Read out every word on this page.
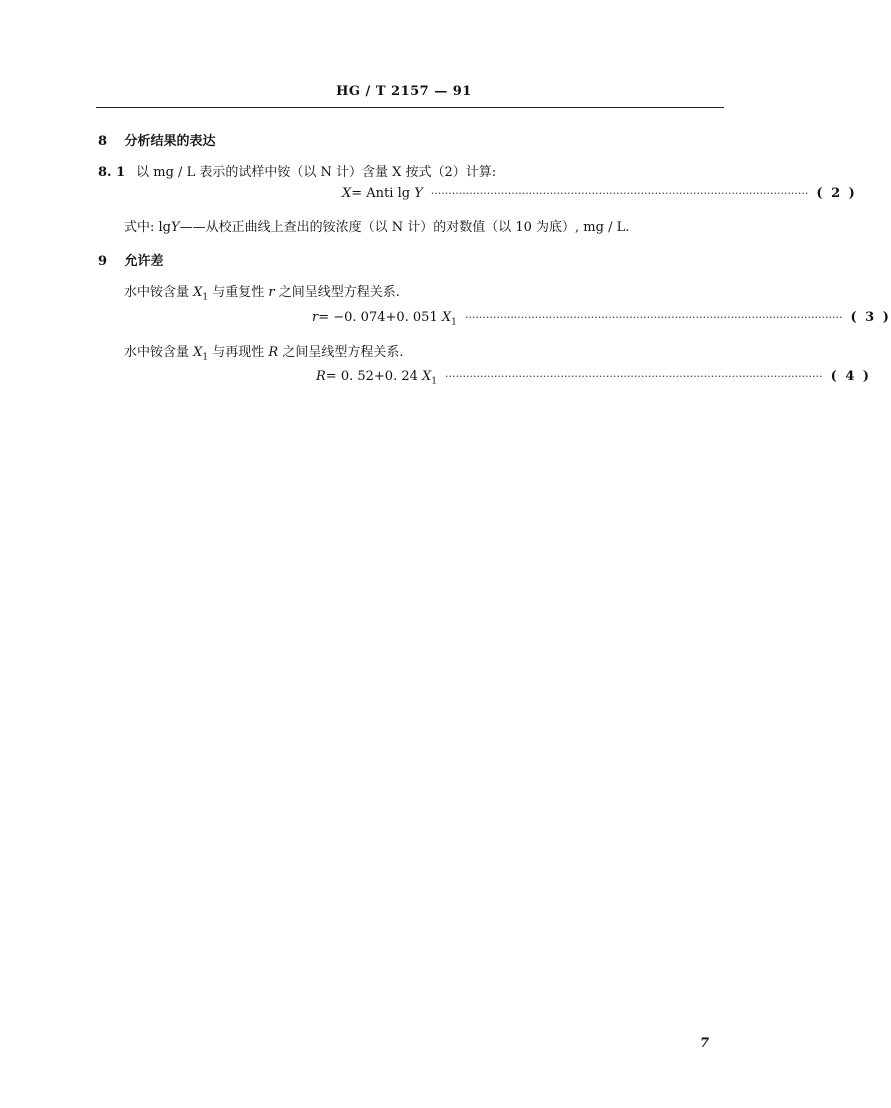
HG / T 2157 — 91
8 分析结果的表达
8. 1 以 mg / L 表示的试样中铵（以 N 计）含量 X 按式（2）计算:
X= Anti lg Y ············································································································ ( 2 )
式中: lgY——从校正曲线上查出的铵浓度（以 N 计）的对数值（以 10 为底）, mg / L.
9 允许差
水中铵含量 $X_1$ 与重复性 r 之间呈线型方程关系.
r= −0. 074+0. 051 $X_1$ ············································································································ ( 3 )
水中铵含量 $X_1$ 与再现性 R 之间呈线型方程关系.
R= 0. 52+0. 24 $X_1$ ············································································································ ( 4 )
7
